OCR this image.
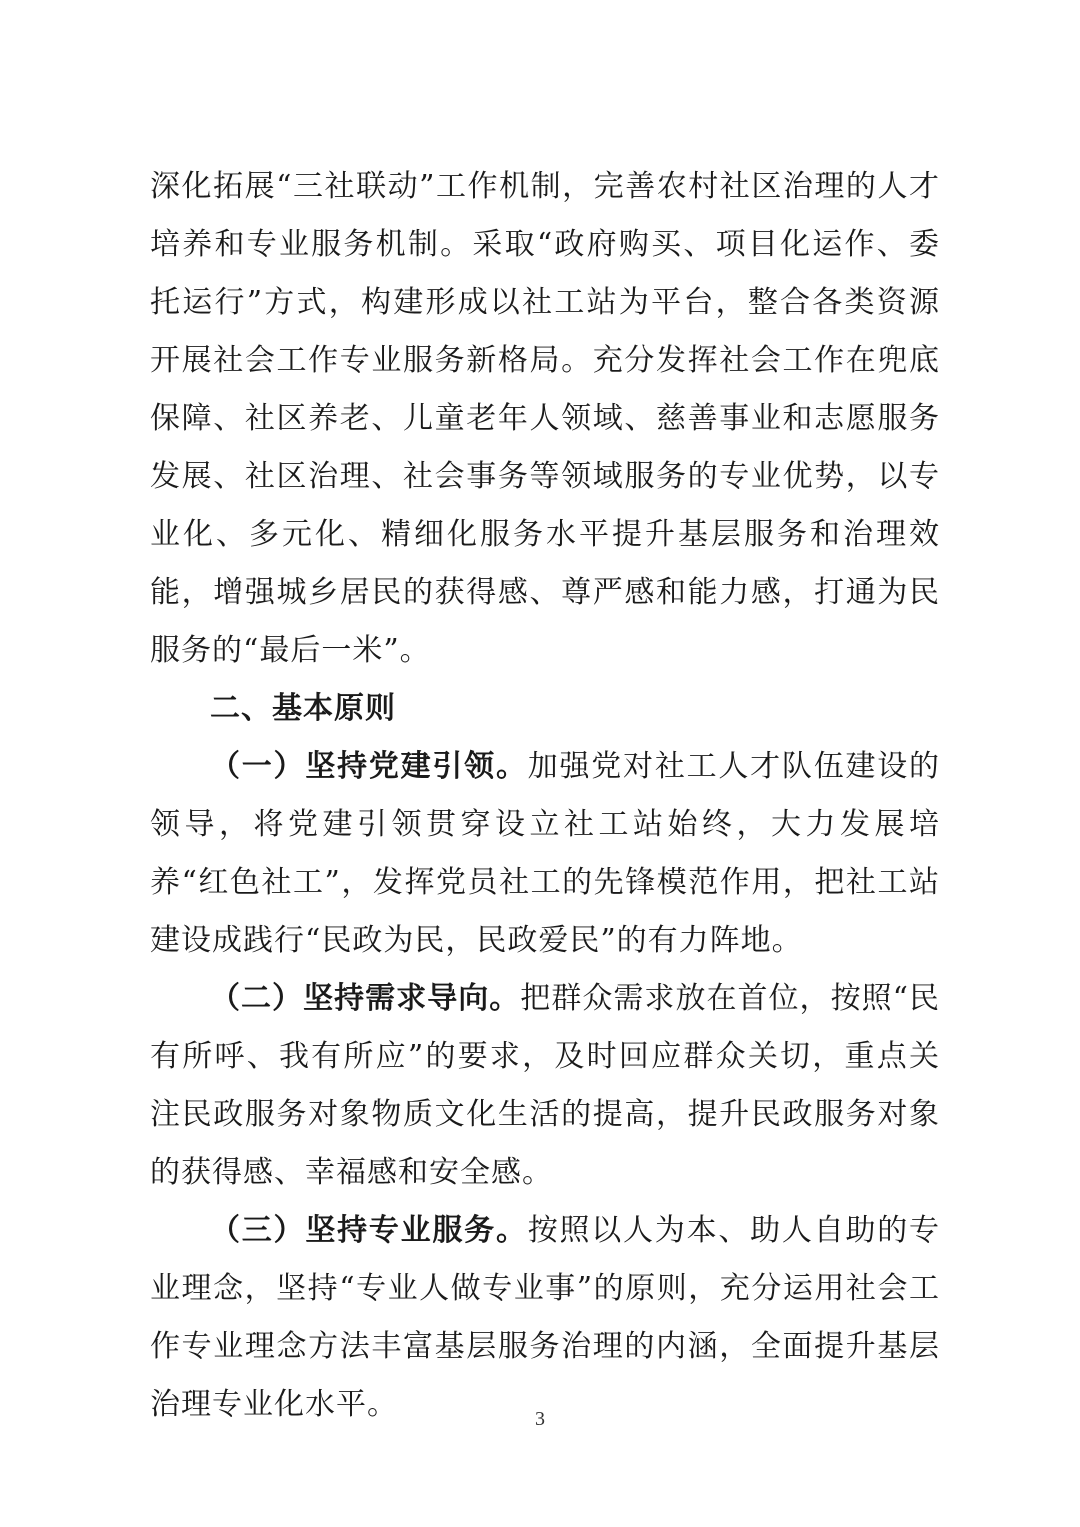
深化拓展“三社联动”工作机制，完善农村社区治理的人才培养和专业服务机制。采取“政府购买、项目化运作、委托运行”方式，构建形成以社工站为平台，整合各类资源开展社会工作专业服务新格局。充分发挥社会工作在兜底保障、社区养老、儿童老年人领域、慈善事业和志愿服务发展、社区治理、社会事务等领域服务的专业优势，以专业化、多元化、精细化服务水平提升基层服务和治理效能，增强城乡居民的获得感、尊严感和能力感，打通为民服务的“最后一米”。

二、基本原则

（一）坚持党建引领。加强党对社工人才队伍建设的领导，将党建引领贯穿设立社工站始终，大力发展培养“红色社工”，发挥党员社工的先锋模范作用，把社工站建设成践行“民政为民，民政爱民”的有力阵地。

（二）坚持需求导向。把群众需求放在首位，按照“民有所呼、我有所应”的要求，及时回应群众关切，重点关注民政服务对象物质文化生活的提高，提升民政服务对象的获得感、幸福感和安全感。

（三）坚持专业服务。按照以人为本、助人自助的专业理念，坚持“专业人做专业事”的原则，充分运用社会工作专业理念方法丰富基层服务治理的内涵，全面提升基层治理专业化水平。	3
